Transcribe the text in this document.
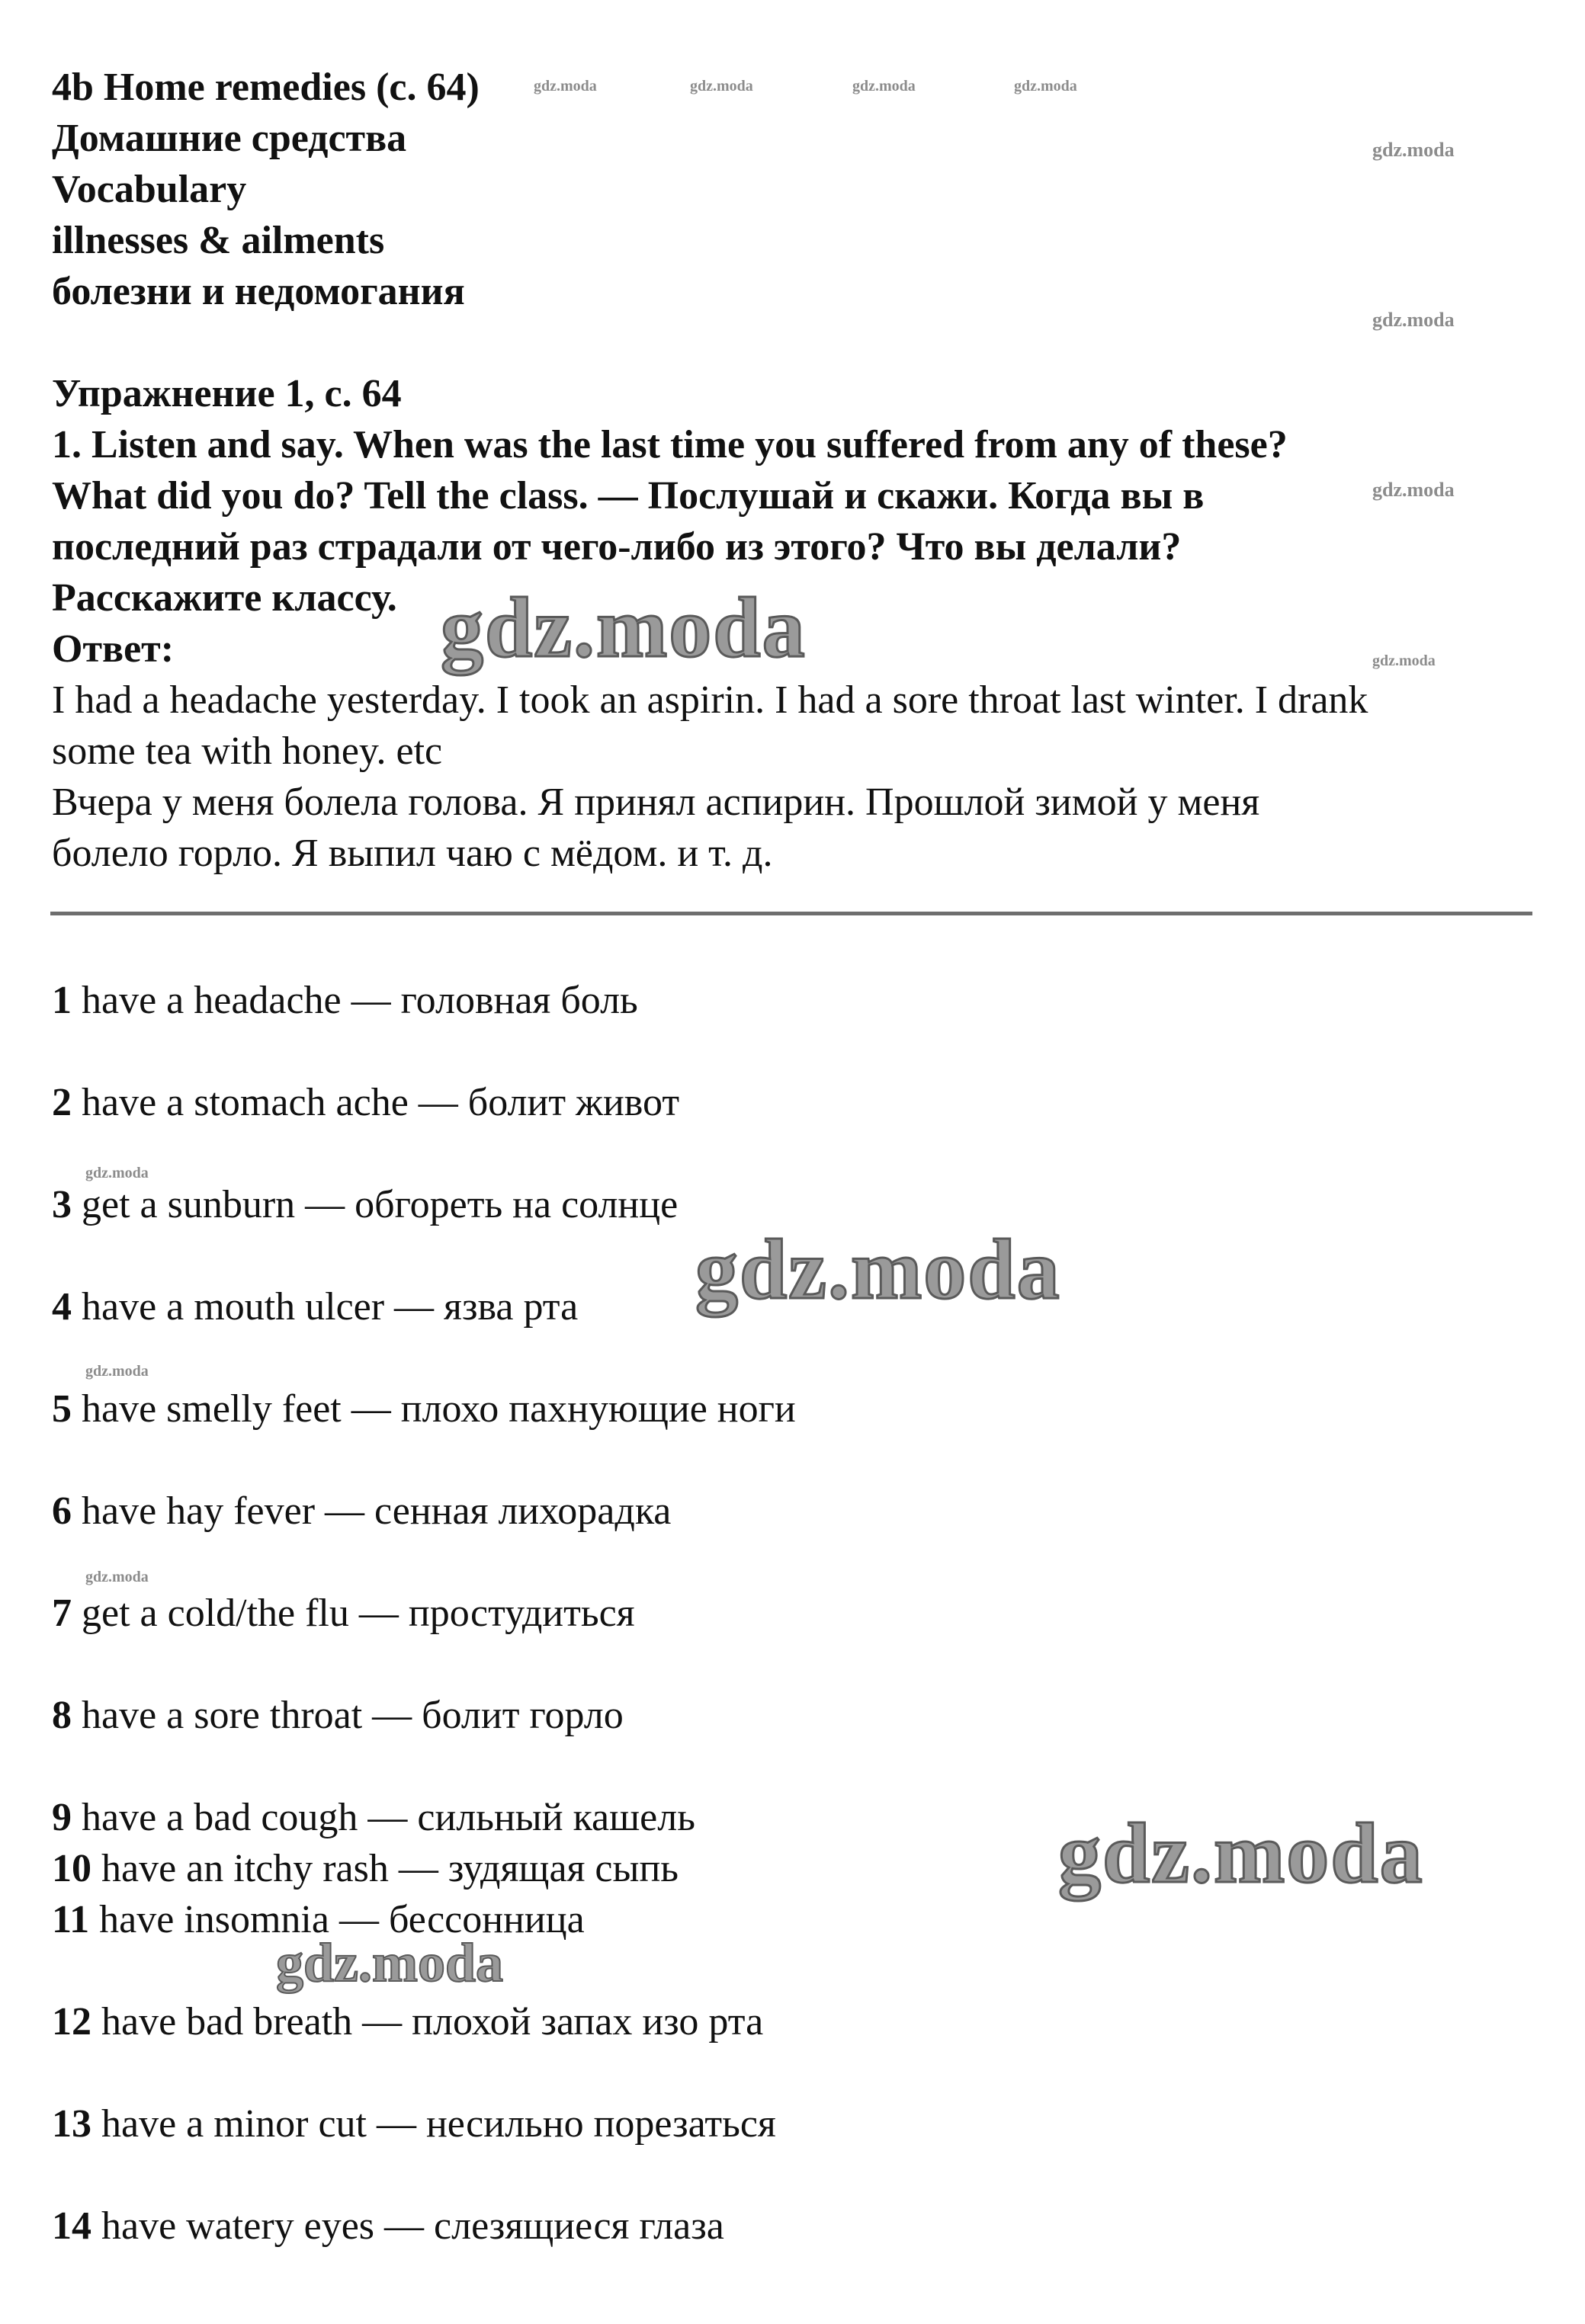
4b Home remedies (с. 64)
Домашние средства
Vocabulary
illnesses & ailments
болезни и недомогания
Упражнение 1, с. 64
1. Listen and say. When was the last time you suffered from any of these?
What did you do? Tell the class. — Послушай и скажи. Когда вы в
последний раз страдали от чего-либо из этого? Что вы делали?
Расскажите классу.
Ответ:
I had a headache yesterday. I took an aspirin. I had a sore throat last winter. I drank
some tea with honey. etc
Вчера у меня болела голова. Я принял аспирин. Прошлой зимой у меня
болело горло. Я выпил чаю с мёдом. и т. д.
1 have a headache — головная боль
2 have a stomach ache — болит живот
3 get a sunburn — обгореть на солнце
4 have a mouth ulcer — язва рта
5 have smelly feet — плохо пахнующие ноги
6 have hay fever — сенная лихорадка
7 get a cold/the flu — простудиться
8 have a sore throat — болит горло
9 have a bad cough — сильный кашель
10 have an itchy rash — зудящая сыпь
11 have insomnia — бессонница
12 have bad breath — плохой запах изо рта
13 have a minor cut — несильно порезаться
14 have watery eyes — слезящиеся глаза
gdz.moda	gdz.moda	gdz.moda	gdz.moda
gdz.moda
gdz.moda
gdz.moda
gdz.moda
gdz.moda
gdz.moda
gdz.moda
gdz.moda
gdz.moda
gdz.moda
gdz.moda
